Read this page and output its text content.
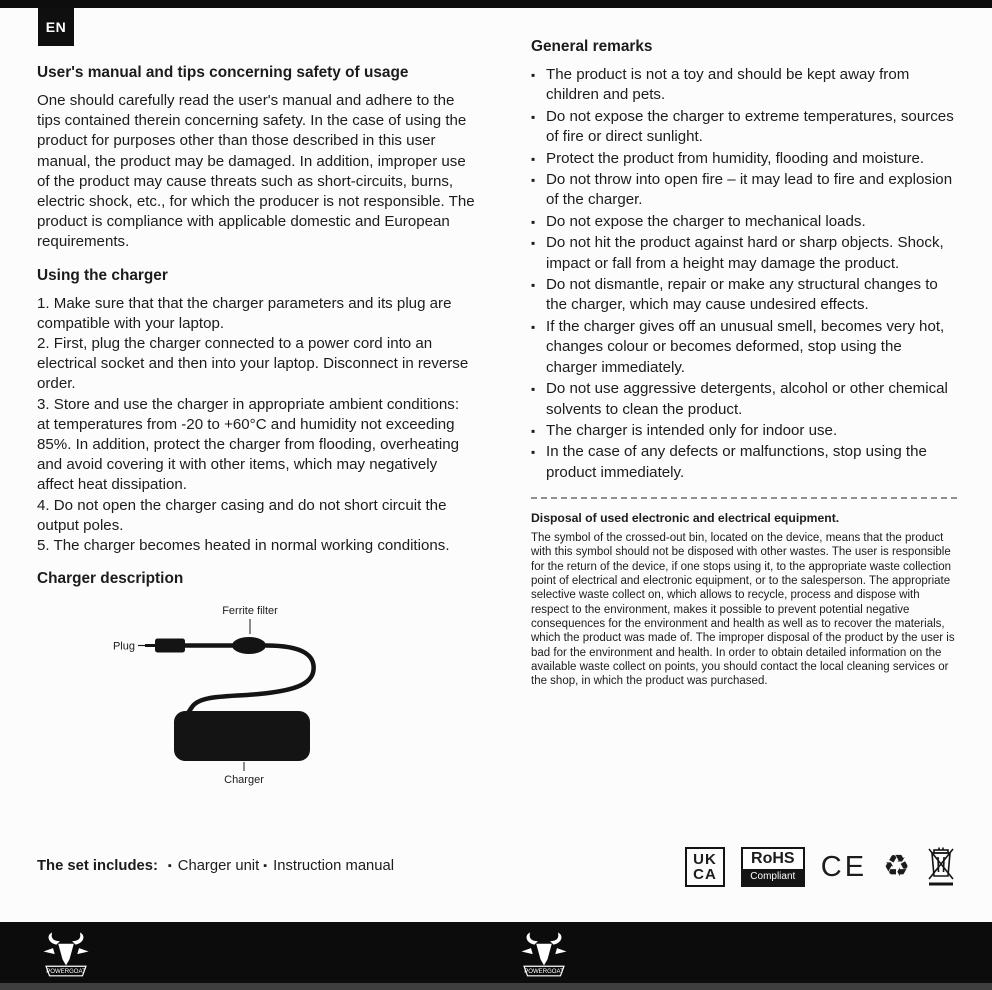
EN
User's manual and tips concerning safety of usage

One should carefully read the user's manual and adhere to the tips contained therein concerning safety. In the case of using the product for purposes other than those described in this user manual, the product may be damaged. In addition, improper use of the product may cause threats such as short-circuits, burns, electric shock, etc., for which the producer is not responsible. The product is compliance with applicable domestic and European requirements.

Using the charger
1. Make sure that that the charger parameters and its plug are compatible with your laptop.
2. First, plug the charger connected to a power cord into an electrical socket and then into your laptop. Disconnect in reverse order.
3. Store and use the charger in appropriate ambient conditions: at temperatures from -20 to +60°C and humidity not exceeding 85%. In addition, protect the charger from flooding, overheating and avoid covering it with other items, which may negatively affect heat dissipation.
4. Do not open the charger casing and do not short circuit the output poles.
5. The charger becomes heated in normal working conditions.
Charger description
Ferrite filter
Plug
Charger
The set includes: ▪ Charger unit ▪ Instruction manual
General remarks
▪ The product is not a toy and should be kept away from children and pets.
▪ Do not expose the charger to extreme temperatures, sources of fire or direct sunlight.
▪ Protect the product from humidity, flooding and moisture.
▪ Do not throw into open fire – it may lead to fire and explosion of the charger.
▪ Do not expose the charger to mechanical loads.
▪ Do not hit the product against hard or sharp objects. Shock, impact or fall from a height may damage the product.
▪ Do not dismantle, repair or make any structural changes to the charger, which may cause undesired effects.
▪ If the charger gives off an unusual smell, becomes very hot, changes colour or becomes deformed, stop using the charger immediately.
▪ Do not use aggressive detergents, alcohol or other chemical solvents to clean the product.
▪ The charger is intended only for indoor use.
▪ In the case of any defects or malfunctions, stop using the product immediately.
Disposal of used electronic and electrical equipment.

The symbol of the crossed-out bin, located on the device, means that the product with this symbol should not be disposed with other wastes. The user is responsible for the return of the device, if one stops using it, to the appropriate waste collection point of electrical and electronic equipment, or to the salesperson. The appropriate selective waste collect on, which allows to recycle, process and dispose with respect to the environment, makes it possible to prevent potential negative consequences for the environment and health as well as to recover the materials, which the product was made of. The improper disposal of the product by the user is bad for the environment and health. In order to obtain detailed information on the available waste collect on points, you should contact the local cleaning services or the shop, in which the product was purchased.

UK
CA
RoHS
Compliant CE ♻
POWERGOAT	POWERGOAT
